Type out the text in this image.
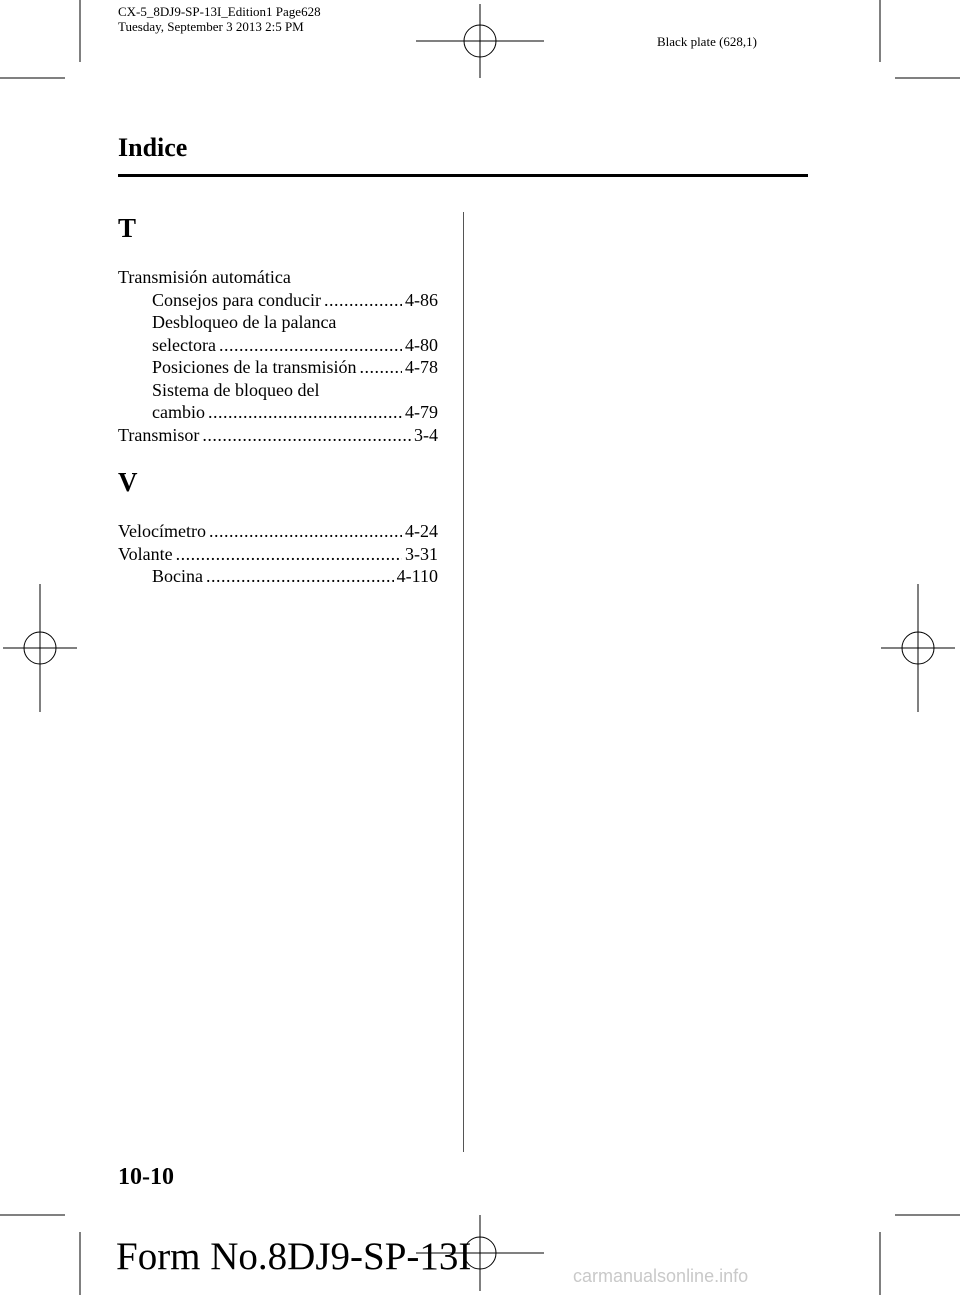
CX-5_8DJ9-SP-13I_Edition1 Page628
Tuesday, September 3 2013 2:5 PM
Black plate (628,1)
Indice
T
Transmisión automática
Consejos para conducir .....	4-86
Desbloqueo de la palanca
selectora .....	4-80
Posiciones de la transmisión .....	4-78
Sistema de bloqueo del
cambio .....	4-79
Transmisor .....	3-4
V
Velocímetro .....	4-24
Volante .....	3-31
Bocina .....	4-110
10-10
Form No.8DJ9-SP-13I	carmanualsonline.info
